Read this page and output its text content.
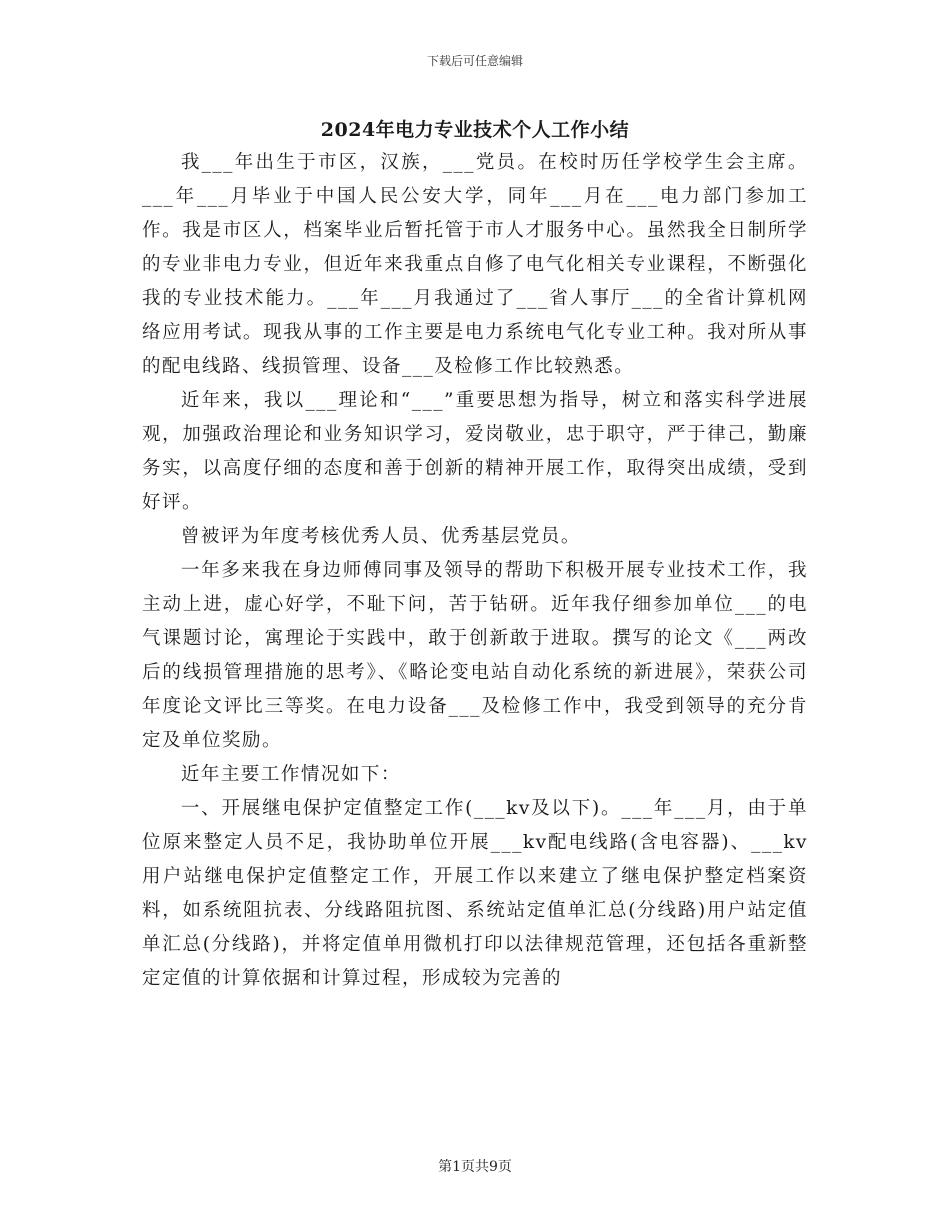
下载后可任意编辑
2024年电力专业技术个人工作小结

我___年出生于市区，汉族，___党员。在校时历任学校学生会主席。___年___月毕业于中国人民公安大学，同年___月在___电力部门参加工作。我是市区人，档案毕业后暂托管于市人才服务中心。虽然我全日制所学的专业非电力专业，但近年来我重点自修了电气化相关专业课程，不断强化我的专业技术能力。___年___月我通过了___省人事厅___的全省计算机网络应用考试。现我从事的工作主要是电力系统电气化专业工种。我对所从事的配电线路、线损管理、设备___及检修工作比较熟悉。

近年来，我以___理论和“___”重要思想为指导，树立和落实科学进展观，加强政治理论和业务知识学习，爱岗敬业，忠于职守，严于律己，勤廉务实，以高度仔细的态度和善于创新的精神开展工作，取得突出成绩，受到好评。

曾被评为年度考核优秀人员、优秀基层党员。

一年多来我在身边师傅同事及领导的帮助下积极开展专业技术工作，我主动上进，虚心好学，不耻下问，苦于钻研。近年我仔细参加单位___的电气课题讨论，寓理论于实践中，敢于创新敢于进取。撰写的论文《___两改后的线损管理措施的思考》、《略论变电站自动化系统的新进展》，荣获公司年度论文评比三等奖。在电力设备___及检修工作中，我受到领导的充分肯定及单位奖励。

近年主要工作情况如下：

一、开展继电保护定值整定工作(___kv及以下)。___年___月，由于单位原来整定人员不足，我协助单位开展___kv配电线路(含电容器)、___kv用户站继电保护定值整定工作，开展工作以来建立了继电保护整定档案资料，如系统阻抗表、分线路阻抗图、系统站定值单汇总(分线路)用户站定值单汇总(分线路)，并将定值单用微机打印以法律规范管理，还包括各重新整定定值的计算依据和计算过程，形成较为完善的

第1页共9页
